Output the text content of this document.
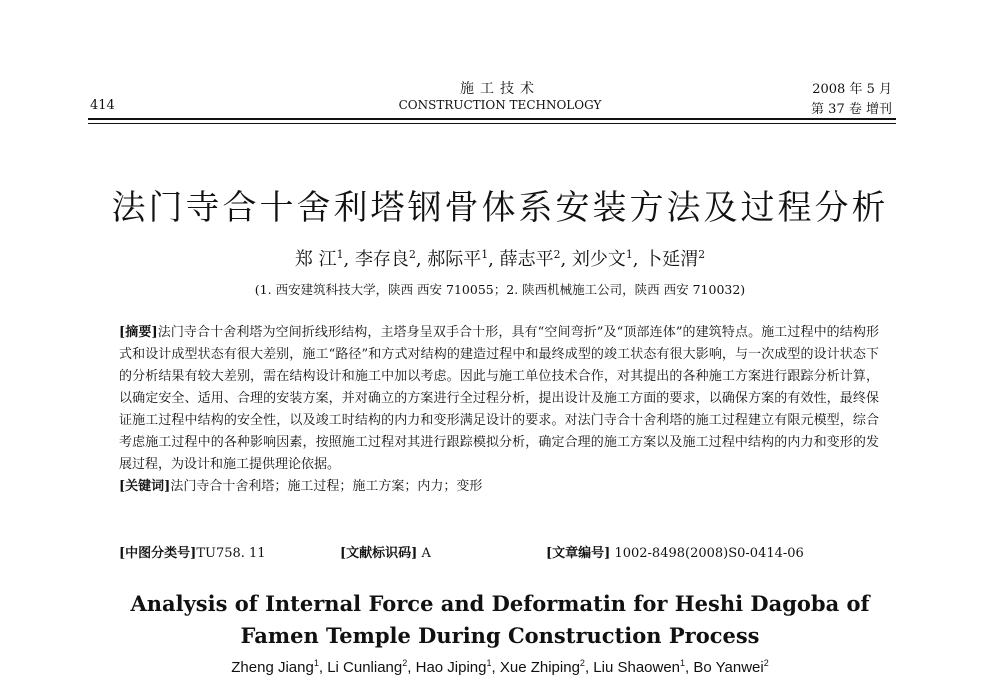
414
施工技术
CONSTRUCTION TECHNOLOGY
2008 年 5 月
第 37 卷 增刊
法门寺合十舍利塔钢骨体系安装方法及过程分析
郑 江$^1$, 李存良$^2$, 郝际平$^1$, 薛志平$^2$, 刘少文$^1$, 卜延渭$^2$
(1. 西安建筑科技大学，陕西 西安 710055；2. 陕西机械施工公司，陕西 西安 710032)
[摘要]法门寺合十舍利塔为空间折线形结构，主塔身呈双手合十形，具有“空间弯折”及“顶部连体”的建筑特点。施工过程中的结构形式和设计成型状态有很大差别，施工“路径”和方式对结构的建造过程中和最终成型的竣工状态有很大影响，与一次成型的设计状态下的分析结果有较大差别，需在结构设计和施工中加以考虑。因此与施工单位技术合作，对其提出的各种施工方案进行跟踪分析计算，以确定安全、适用、合理的安装方案，并对确立的方案进行全过程分析，提出设计及施工方面的要求，以确保方案的有效性，最终保证施工过程中结构的安全性，以及竣工时结构的内力和变形满足设计的要求。对法门寺合十舍利塔的施工过程建立有限元模型，综合考虑施工过程中的各种影响因素，按照施工过程对其进行跟踪模拟分析，确定合理的施工方案以及施工过程中结构的内力和变形的发展过程，为设计和施工提供理论依据。
[关键词]法门寺合十舍利塔；施工过程；施工方案；内力；变形
[中图分类号]TU758. 11	[文献标识码] A	[文章编号] 1002-8498(2008)S0-0414-06
Analysis of Internal Force and Deformatin for Heshi Dagoba of
Famen Temple During Construction Process
Zheng Jiang$^1$, Li Cunliang$^2$, Hao Jiping$^1$, Xue Zhiping$^2$, Liu Shaowen$^1$, Bo Yanwei$^2$
